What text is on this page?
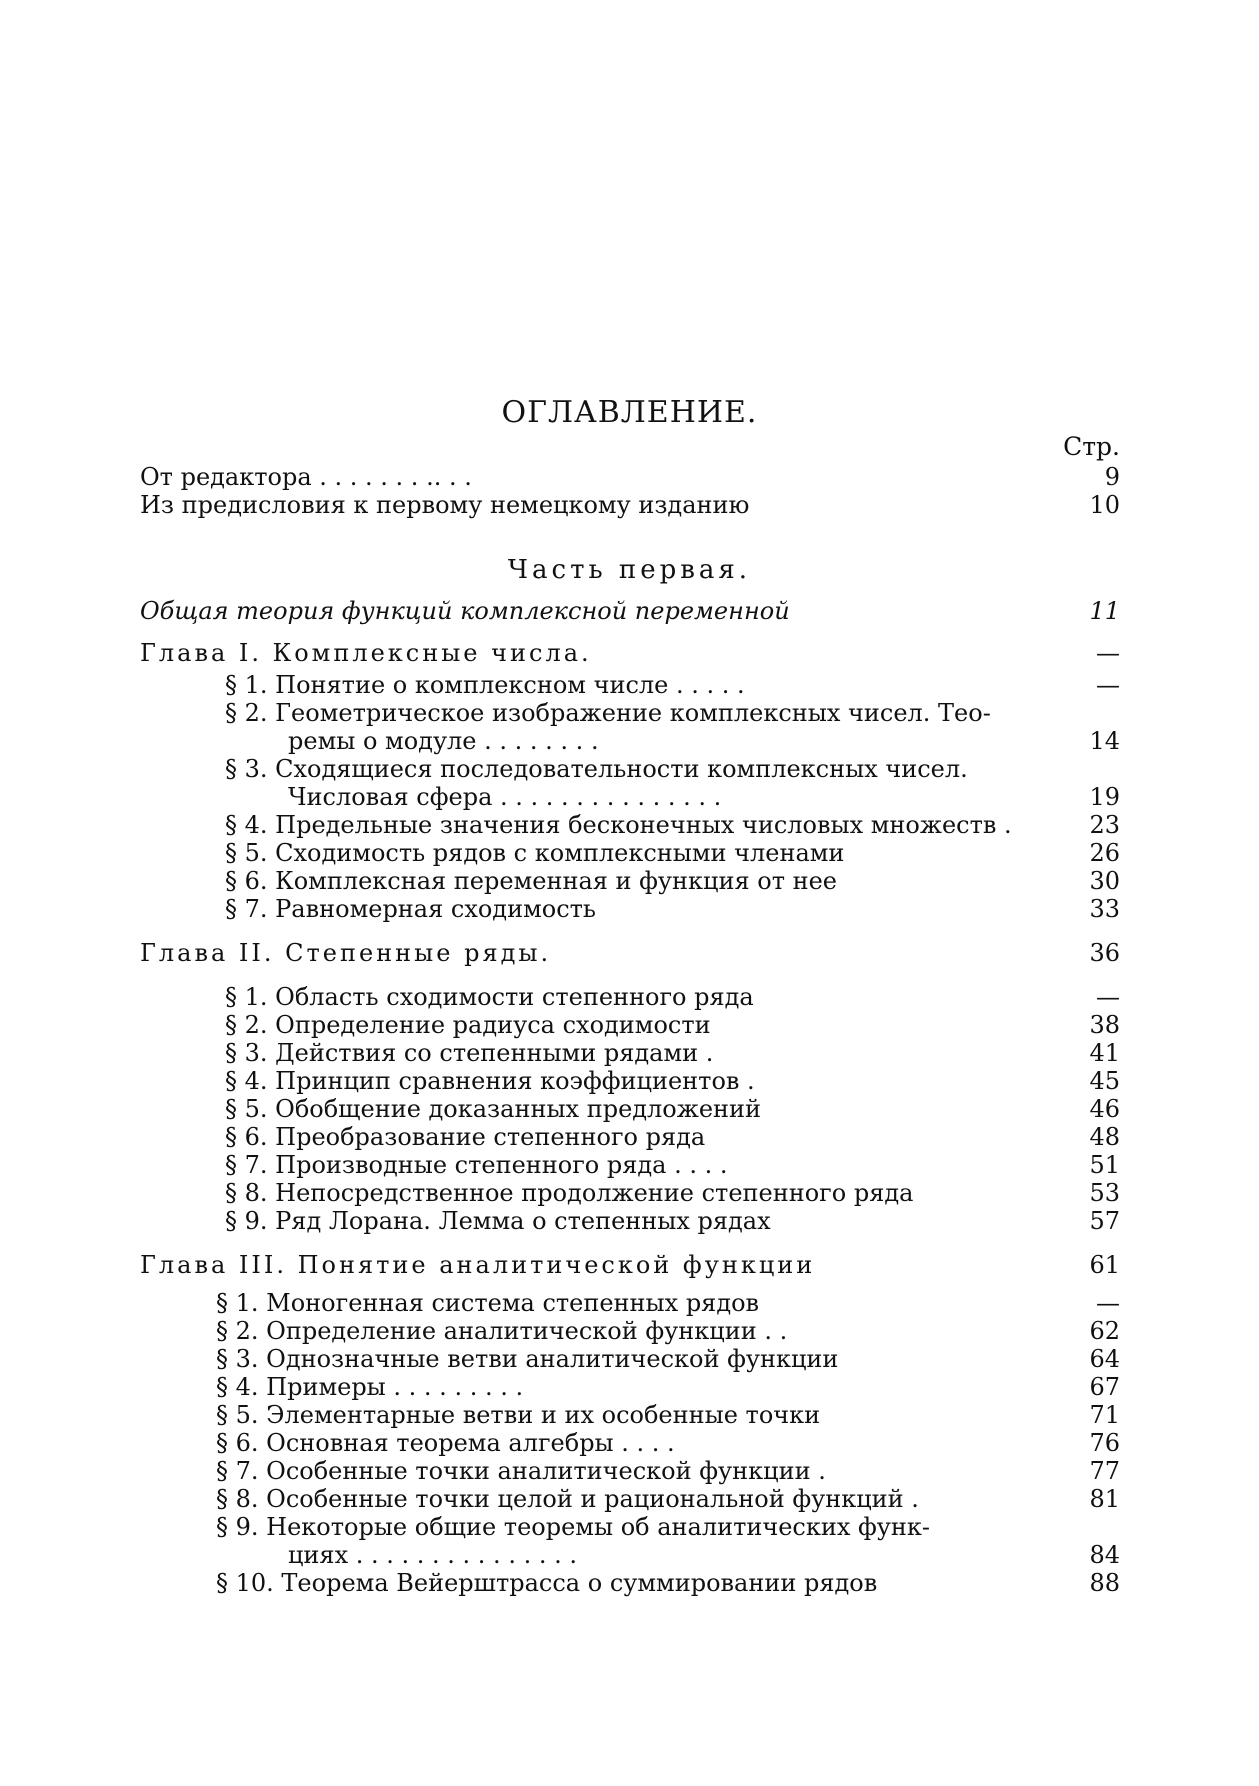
ОГЛАВЛЕНИЕ.
Стр.
От редактора . . . . . . . .. . .	9
Из предисловия к первому немецкому изданию	10
Часть первая.
Общая теория функций комплексной переменной	11
Глава I. Комплексные числа.	—
§ 1. Понятие о комплексном числе . . . . .	—
§ 2. Геометрическое изображение комплексных чисел. Тео-
ремы о модуле . . . . . . . .	14
§ 3. Сходящиеся последовательности комплексных чисел.
Числовая сфера . . . . . . . . . . . . . . .	19
§ 4. Предельные значения бесконечных числовых множеств .	23
§ 5. Сходимость рядов с комплексными членами	26
§ 6. Комплексная переменная и функция от нее	30
§ 7. Равномерная сходимость	33
Глава II. Степенные ряды.	36
§ 1. Область сходимости степенного ряда	—
§ 2. Определение радиуса сходимости	38
§ 3. Действия со степенными рядами .	41
§ 4. Принцип сравнения коэффициентов .	45
§ 5. Обобщение доказанных предложений	46
§ 6. Преобразование степенного ряда	48
§ 7. Производные степенного ряда . . . .	51
§ 8. Непосредственное продолжение степенного ряда	53
§ 9. Ряд Лорана. Лемма о степенных рядах	57
Глава III. Понятие аналитической функции	61
§ 1. Моногенная система степенных рядов	—
§ 2. Определение аналитической функции . .	62
§ 3. Однозначные ветви аналитической функции	64
§ 4. Примеры . . . . . . . . .	67
§ 5. Элементарные ветви и их особенные точки	71
§ 6. Основная теорема алгебры . . . .	76
§ 7. Особенные точки аналитической функции .	77
§ 8. Особенные точки целой и рациональной функций .	81
§ 9. Некоторые общие теоремы об аналитических функ-
циях . . . . . . . . . . . . . . .	84
§ 10. Теорема Вейерштрасса о суммировании рядов	88
